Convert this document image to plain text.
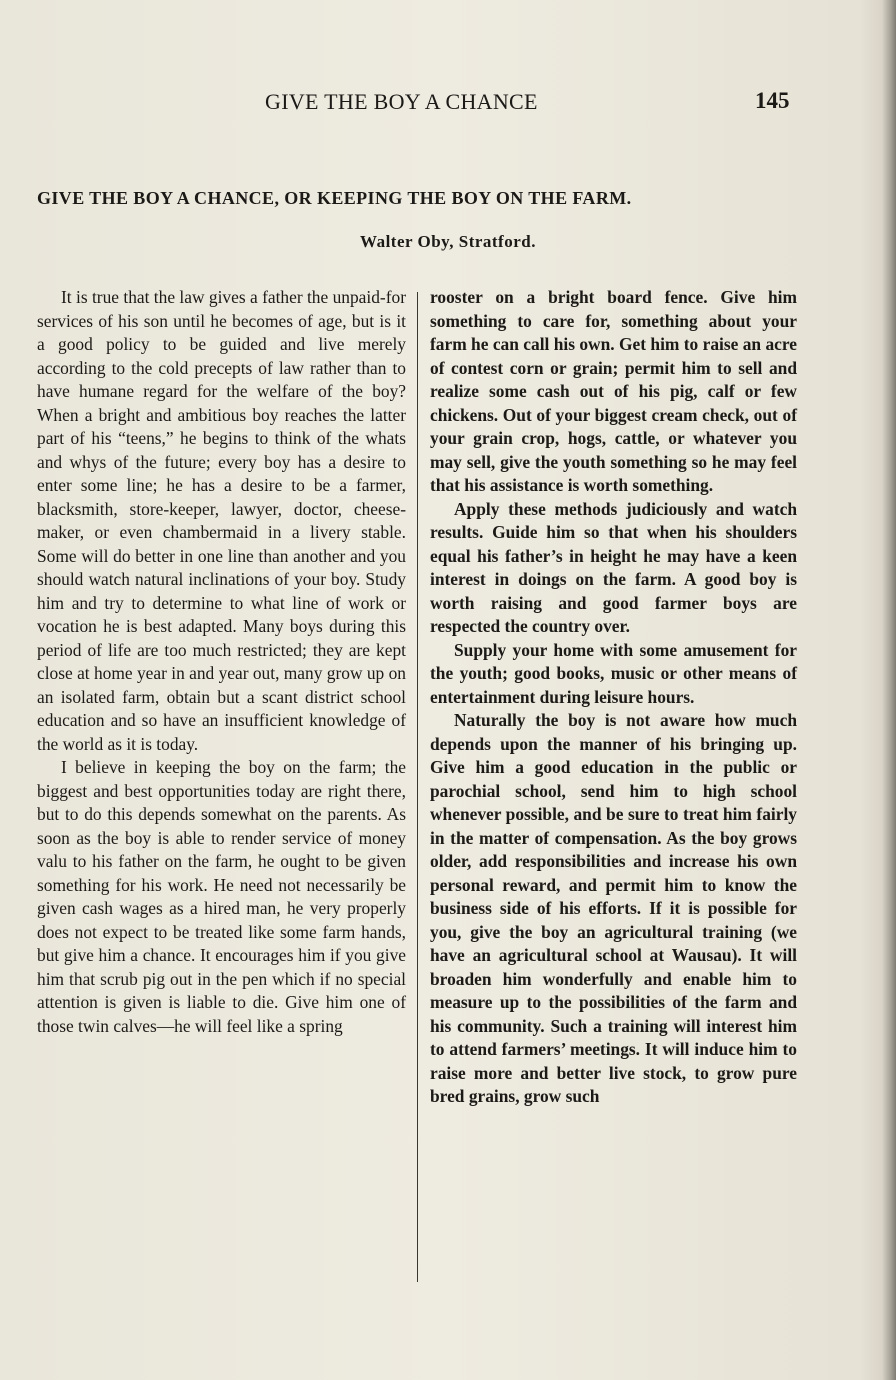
GIVE THE BOY A CHANCE	145
GIVE THE BOY A CHANCE, OR KEEPING THE BOY ON THE FARM.
Walter Oby, Stratford.

It is true that the law gives a father the unpaid-for services of his son until he becomes of age, but is it a good policy to be guided and live merely according to the cold precepts of law rather than to have humane regard for the welfare of the boy? When a bright and ambitious boy reaches the latter part of his “teens,” he begins to think of the whats and whys of the future; every boy has a desire to enter some line; he has a desire to be a farmer, blacksmith, store-keeper, lawyer, doctor, cheesemaker, or even chambermaid in a livery stable. Some will do better in one line than another and you should watch natural inclinations of your boy. Study him and try to determine to what line of work or vocation he is best adapted. Many boys during this period of life are too much restricted; they are kept close at home year in and year out, many grow up on an isolated farm, obtain but a scant district school education and so have an insufficient knowledge of the world as it is today.

I believe in keeping the boy on the farm; the biggest and best opportunities today are right there, but to do this depends somewhat on the parents. As soon as the boy is able to render service of money valu to his father on the farm, he ought to be given something for his work. He need not necessarily be given cash wages as a hired man, he very properly does not expect to be treated like some farm hands, but give him a chance. It encourages him if you give him that scrub pig out in the pen which if no special attention is given is liable to die. Give him one of those twin calves—he will feel like a spring

rooster on a bright board fence. Give him something to care for, something about your farm he can call his own. Get him to raise an acre of contest corn or grain; permit him to sell and realize some cash out of his pig, calf or few chickens. Out of your biggest cream check, out of your grain crop, hogs, cattle, or whatever you may sell, give the youth something so he may feel that his assistance is worth something.

Apply these methods judiciously and watch results. Guide him so that when his shoulders equal his father’s in height he may have a keen interest in doings on the farm. A good boy is worth raising and good farmer boys are respected the country over.

Supply your home with some amusement for the youth; good books, music or other means of entertainment during leisure hours.

Naturally the boy is not aware how much depends upon the manner of his bringing up. Give him a good education in the public or parochial school, send him to high school whenever possible, and be sure to treat him fairly in the matter of compensation. As the boy grows older, add responsibilities and increase his own personal reward, and permit him to know the business side of his efforts. If it is possible for you, give the boy an agricultural training (we have an agricultural school at Wausau). It will broaden him wonderfully and enable him to measure up to the possibilities of the farm and his community. Such a training will interest him to attend farmers’ meetings. It will induce him to raise more and better live stock, to grow pure bred grains, grow such
